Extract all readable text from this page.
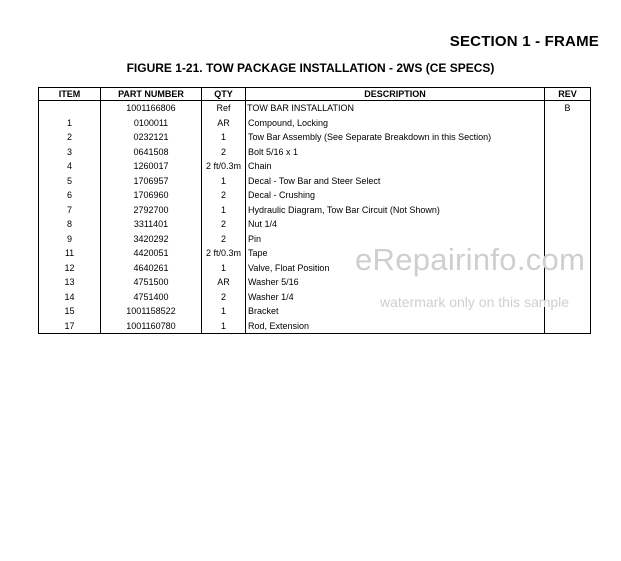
SECTION 1 - FRAME
FIGURE 1-21. TOW PACKAGE INSTALLATION - 2WS (CE SPECS)
ITEM	PART NUMBER	QTY	DESCRIPTION	REV
	1001166806	Ref	TOW BAR INSTALLATION	B
1	0100011	AR	Compound, Locking	
2	0232121	1	Tow Bar Assembly (See Separate Breakdown in this Section)	
3	0641508	2	Bolt 5/16 x 1	
4	1260017	2 ft/0.3m	Chain	
5	1706957	1	Decal - Tow Bar and Steer Select	
6	1706960	2	Decal - Crushing	
7	2792700	1	Hydraulic Diagram, Tow Bar Circuit (Not Shown)	
8	3311401	2	Nut 1/4	
9	3420292	2	Pin	
11	4420051	2 ft/0.3m	Tape	
12	4640261	1	Valve, Float Position	
13	4751500	AR	Washer 5/16	
14	4751400	2	Washer 1/4	
15	1001158522	1	Bracket	
17	1001160780	1	Rod, Extension	
eRepairinfo.com
watermark only on this sample
